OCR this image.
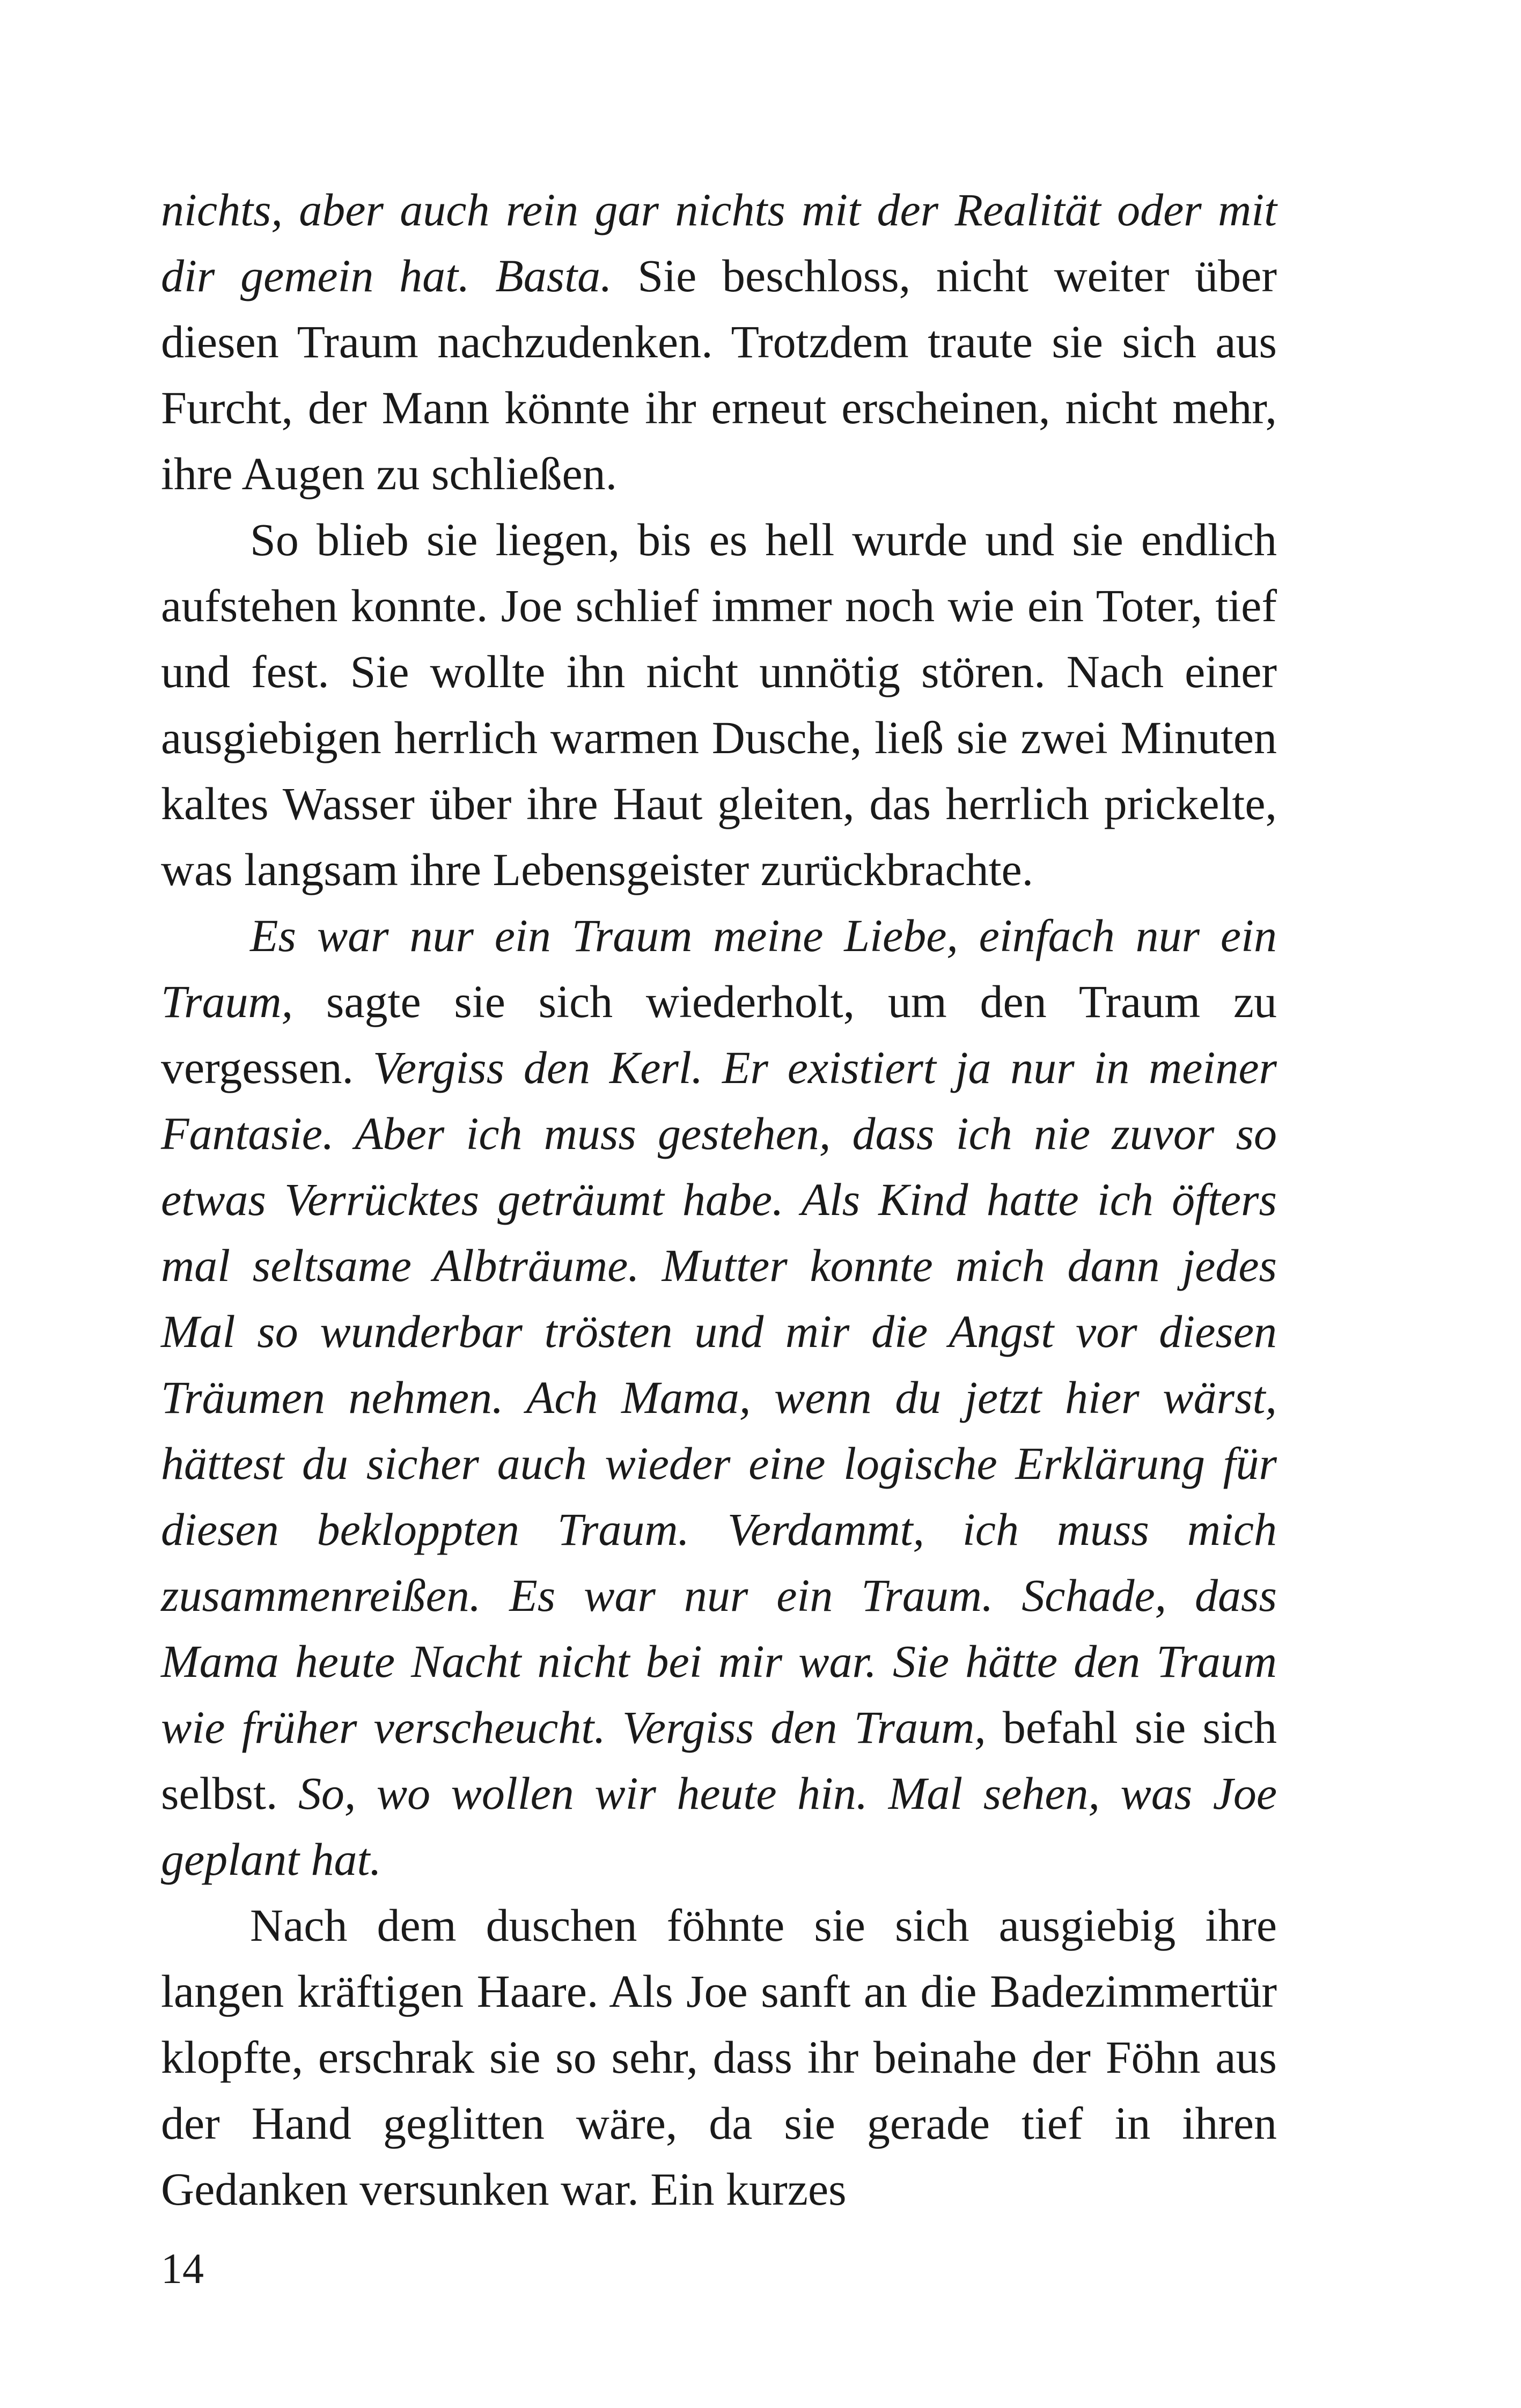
nichts, aber auch rein gar nichts mit der Realität oder mit dir gemein hat. Basta. Sie beschloss, nicht weiter über diesen Traum nachzudenken. Trotzdem traute sie sich aus Furcht, der Mann könnte ihr erneut erscheinen, nicht mehr, ihre Augen zu schließen.

So blieb sie liegen, bis es hell wurde und sie endlich aufstehen konnte. Joe schlief immer noch wie ein Toter, tief und fest. Sie wollte ihn nicht unnötig stören. Nach einer ausgiebigen herrlich warmen Dusche, ließ sie zwei Minuten kaltes Wasser über ihre Haut gleiten, das herrlich prickelte, was langsam ihre Lebensgeister zurückbrachte.

Es war nur ein Traum meine Liebe, einfach nur ein Traum, sagte sie sich wiederholt, um den Traum zu vergessen. Vergiss den Kerl. Er existiert ja nur in meiner Fantasie. Aber ich muss gestehen, dass ich nie zuvor so etwas Verrücktes geträumt habe. Als Kind hatte ich öfters mal seltsame Albträume. Mutter konnte mich dann jedes Mal so wunderbar trösten und mir die Angst vor diesen Träumen nehmen. Ach Mama, wenn du jetzt hier wärst, hättest du sicher auch wieder eine logische Erklärung für diesen bekloppten Traum. Verdammt, ich muss mich zusammenreißen. Es war nur ein Traum. Schade, dass Mama heute Nacht nicht bei mir war. Sie hätte den Traum wie früher verscheucht. Vergiss den Traum, befahl sie sich selbst. So, wo wollen wir heute hin. Mal sehen, was Joe geplant hat.

Nach dem duschen föhnte sie sich ausgiebig ihre langen kräftigen Haare. Als Joe sanft an die Badezimmertür klopfte, erschrak sie so sehr, dass ihr beinahe der Föhn aus der Hand geglitten wäre, da sie gerade tief in ihren Gedanken versunken war. Ein kurzes

14
